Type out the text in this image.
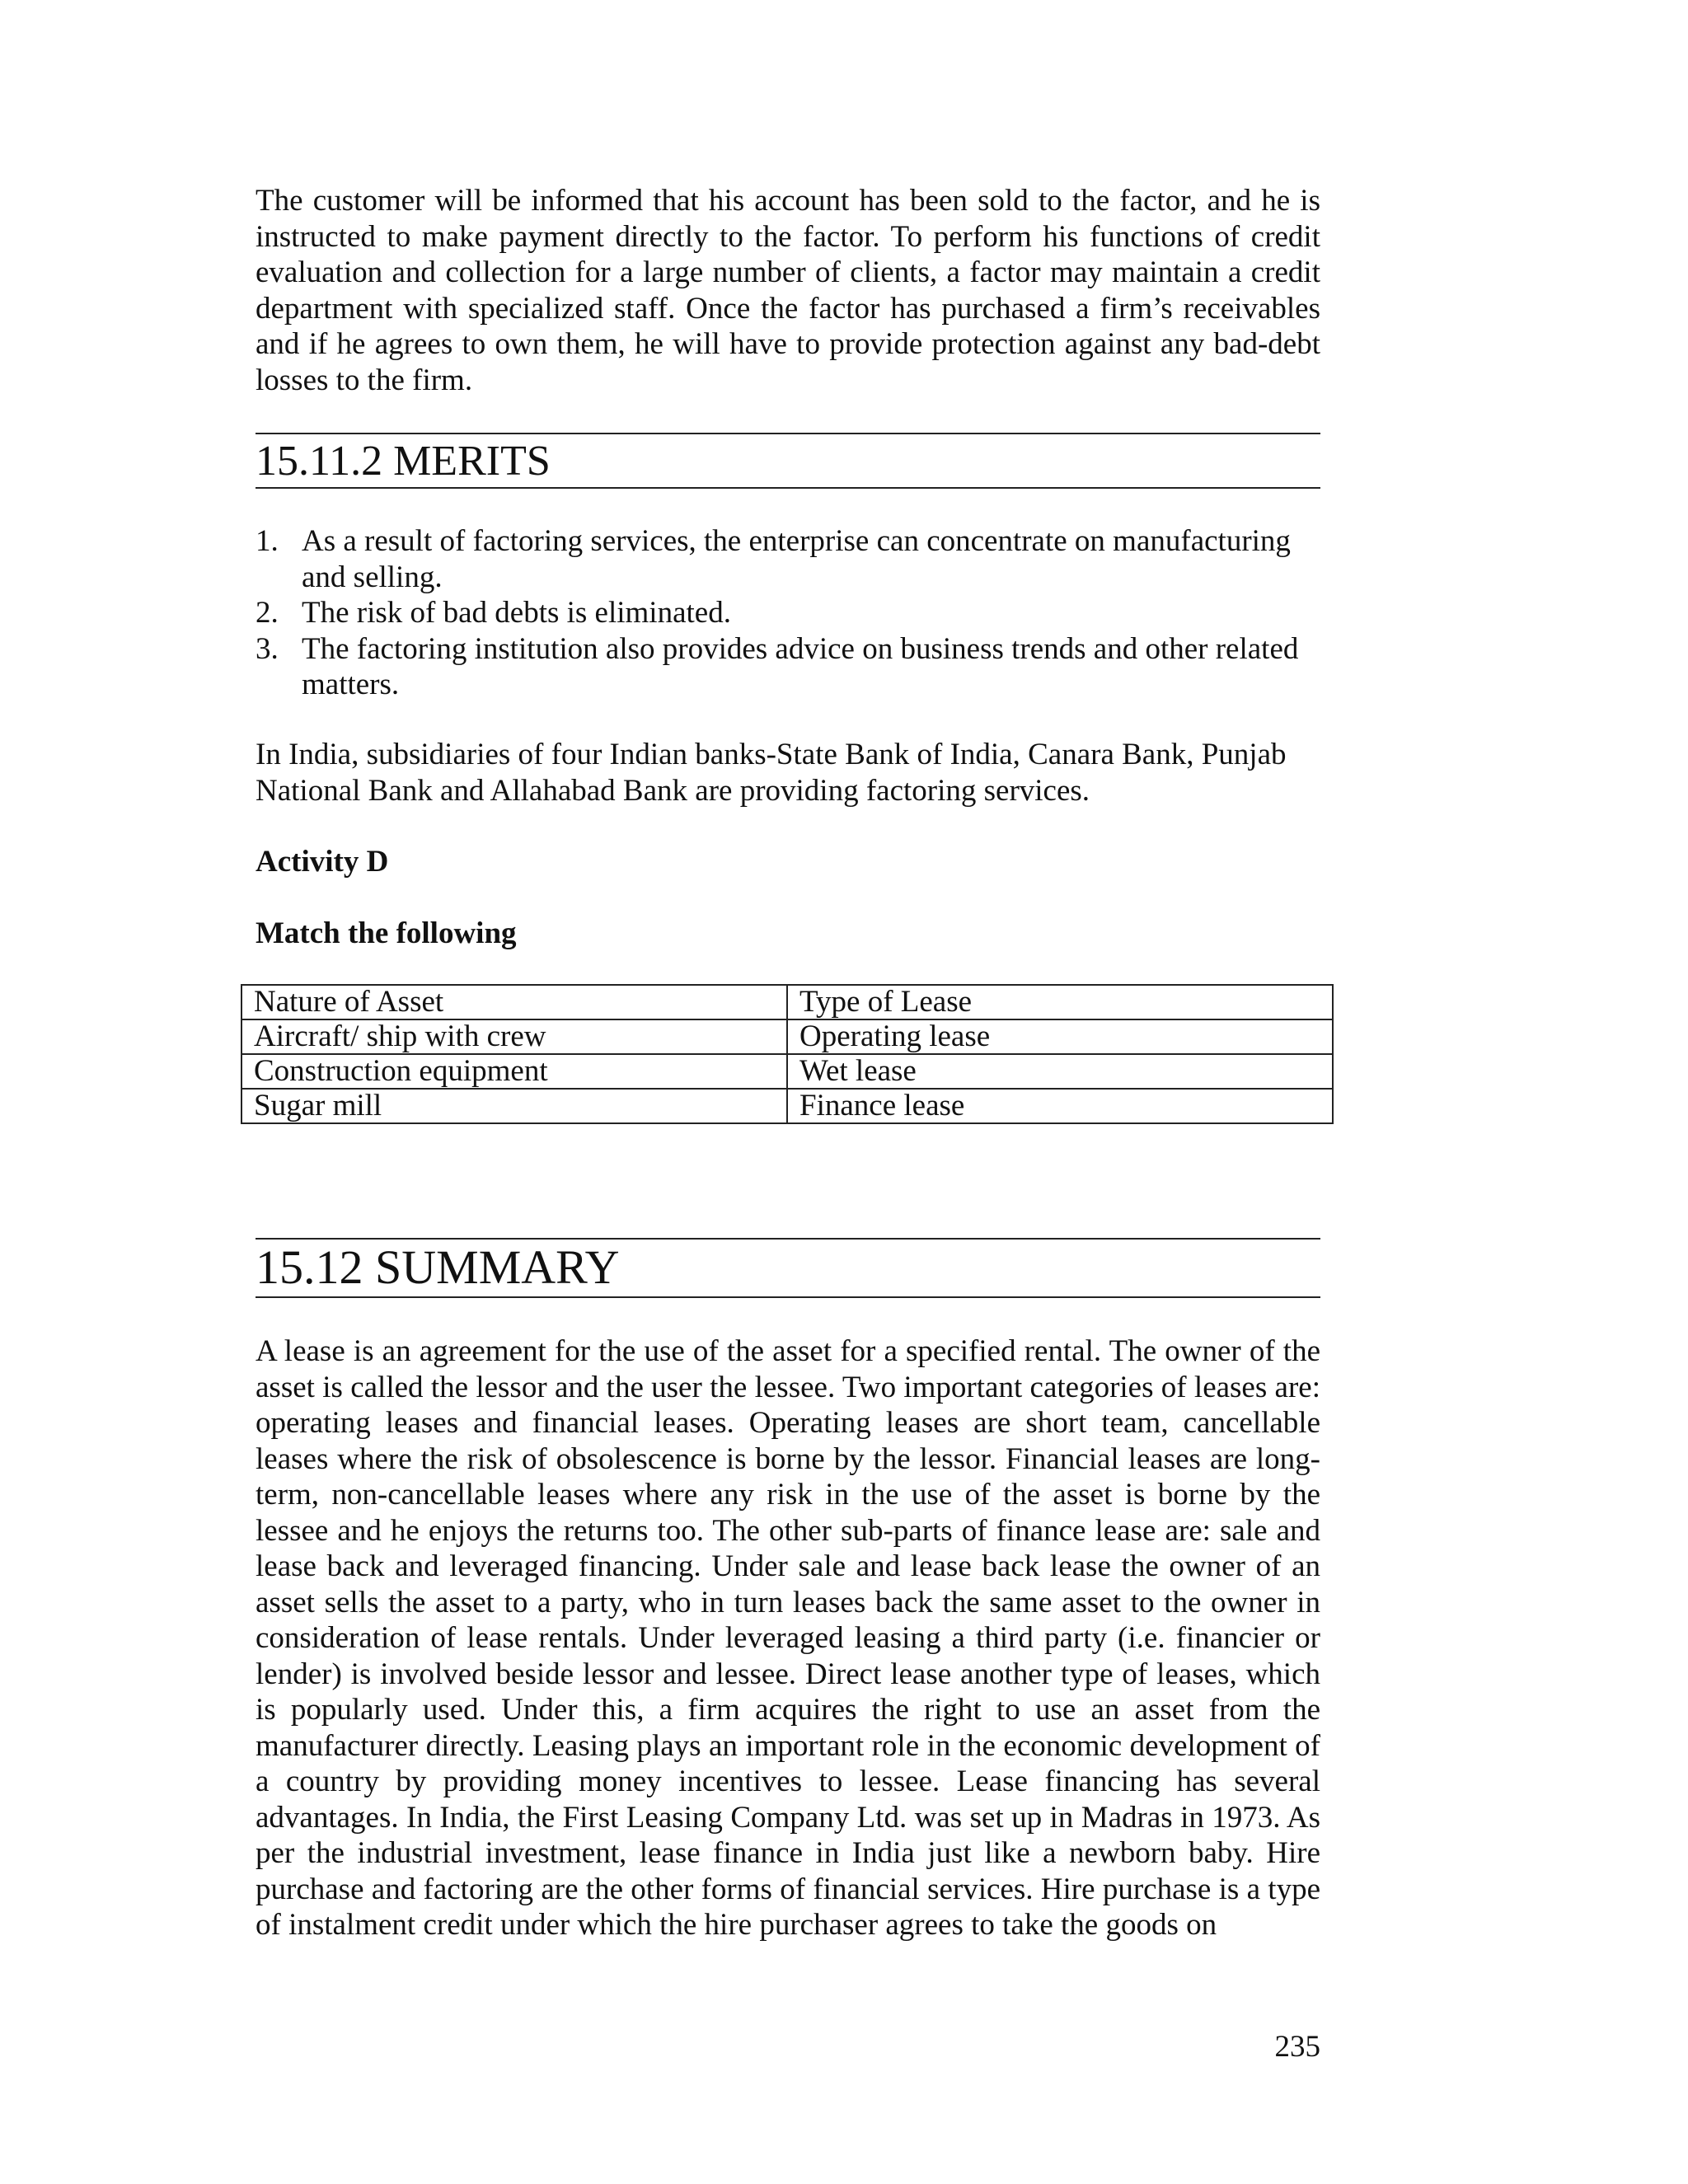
The customer will be informed that his account has been sold to the factor, and he is instructed to make payment directly to the factor. To perform his functions of credit evaluation and collection for a large number of clients, a factor may maintain a credit department with specialized staff. Once the factor has purchased a firm’s receivables and if he agrees to own them, he will have to provide protection against any bad-debt losses to the firm.

15.11.2 MERITS
1. As a result of factoring services, the enterprise can concentrate on manufacturing and selling.
2. The risk of bad debts is eliminated.
3. The factoring institution also provides advice on business trends and other related matters.

In India, subsidiaries of four Indian banks-State Bank of India, Canara Bank, Punjab National Bank and Allahabad Bank are providing factoring services.

Activity D

Match the following

Nature of Asset	Type of Lease
Aircraft/ ship with crew	Operating lease
Construction equipment	Wet lease
Sugar mill	Finance lease
15.12 SUMMARY

A lease is an agreement for the use of the asset for a specified rental. The owner of the asset is called the lessor and the user the lessee. Two important categories of leases are: operating leases and financial leases. Operating leases are short team, cancellable leases where the risk of obsolescence is borne by the lessor. Financial leases are long-term, non-cancellable leases where any risk in the use of the asset is borne by the lessee and he enjoys the returns too. The other sub-parts of finance lease are: sale and lease back and leveraged financing. Under sale and lease back lease the owner of an asset sells the asset to a party, who in turn leases back the same asset to the owner in consideration of lease rentals. Under leveraged leasing a third party (i.e. financier or lender) is involved beside lessor and lessee. Direct lease another type of leases, which is popularly used. Under this, a firm acquires the right to use an asset from the manufacturer directly. Leasing plays an important role in the economic development of a country by providing money incentives to lessee. Lease financing has several advantages. In India, the First Leasing Company Ltd. was set up in Madras in 1973. As per the industrial investment, lease finance in India just like a newborn baby. Hire purchase and factoring are the other forms of financial services. Hire purchase is a type of instalment credit under which the hire purchaser agrees to take the goods on

235
